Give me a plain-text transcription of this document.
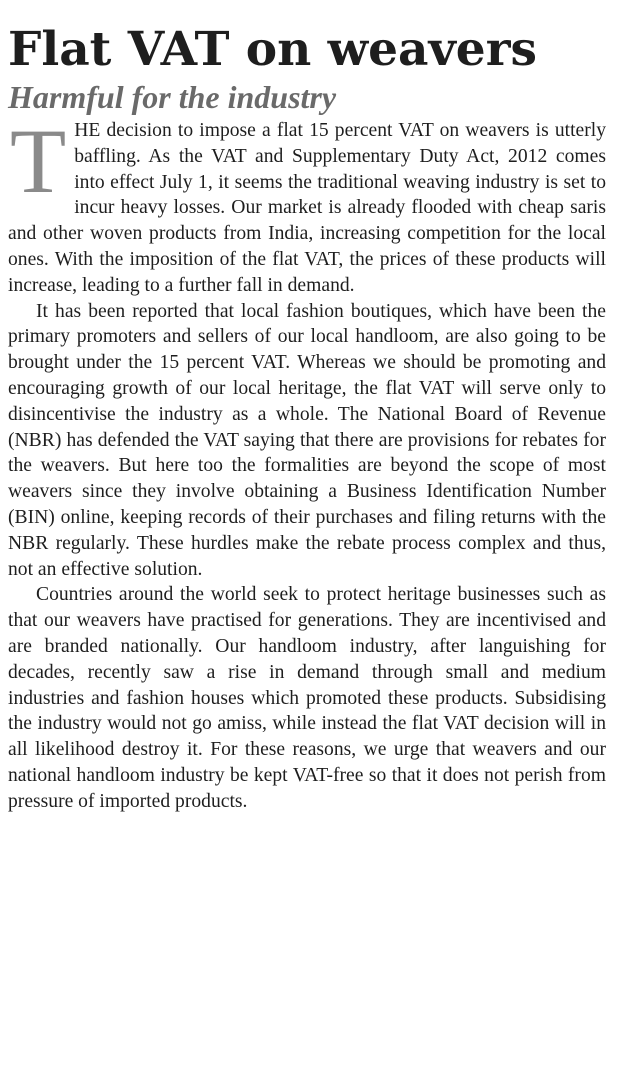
Flat VAT on weavers
Harmful for the industry

THE decision to impose a flat 15 percent VAT on weavers is utterly baffling. As the VAT and Supplementary Duty Act, 2012 comes into effect July 1, it seems the traditional weaving industry is set to incur heavy losses. Our market is already flooded with cheap saris and other woven products from India, increasing competition for the local ones. With the imposition of the flat VAT, the prices of these products will increase, leading to a further fall in demand.

It has been reported that local fashion boutiques, which have been the primary promoters and sellers of our local handloom, are also going to be brought under the 15 percent VAT. Whereas we should be promoting and encouraging growth of our local heritage, the flat VAT will serve only to disincentivise the industry as a whole. The National Board of Revenue (NBR) has defended the VAT saying that there are provisions for rebates for the weavers. But here too the formalities are beyond the scope of most weavers since they involve obtaining a Business Identification Number (BIN) online, keeping records of their purchases and filing returns with the NBR regularly. These hurdles make the rebate process complex and thus, not an effective solution.

Countries around the world seek to protect heritage businesses such as that our weavers have practised for generations. They are incentivised and are branded nationally. Our handloom industry, after languishing for decades, recently saw a rise in demand through small and medium industries and fashion houses which promoted these products. Subsidising the industry would not go amiss, while instead the flat VAT decision will in all likelihood destroy it. For these reasons, we urge that weavers and our national handloom industry be kept VAT-free so that it does not perish from pressure of imported products.
